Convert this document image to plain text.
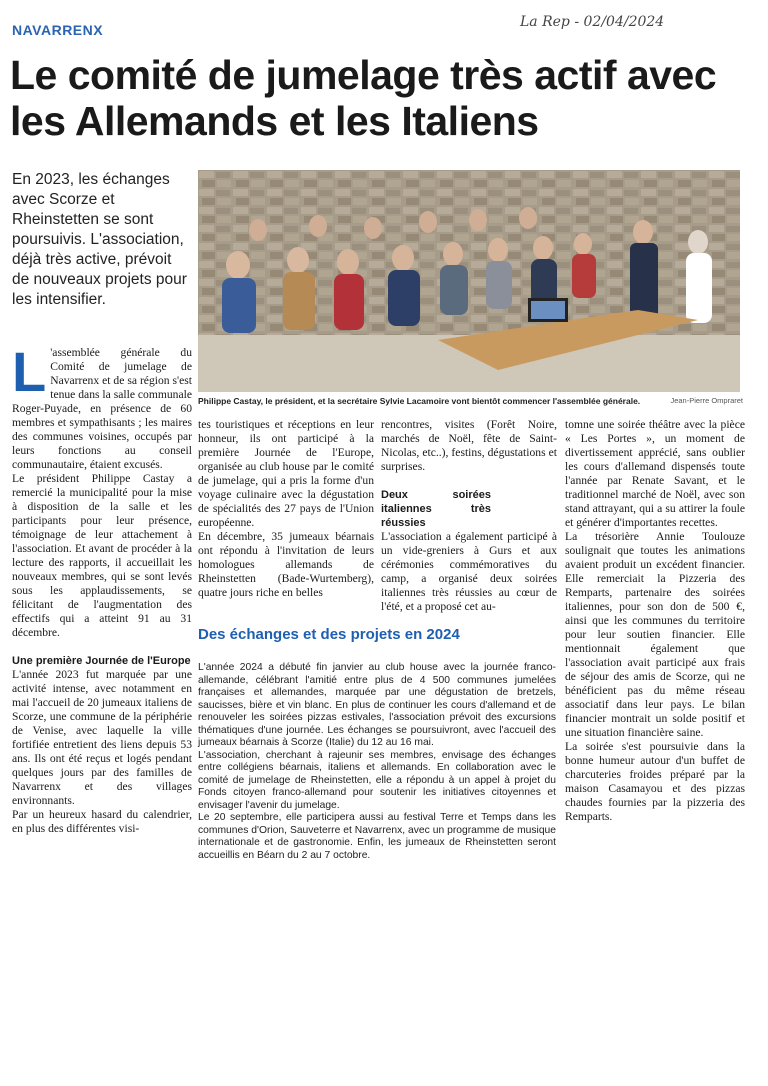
NAVARRENX	La Rep - 02/04/2024
Le comité de jumelage très actif avec les Allemands et les Italiens
En 2023, les échanges avec Scorze et Rheinstetten se sont poursuivis. L'association, déjà très active, prévoit de nouveaux projets pour les intensifier.
Philippe Castay, le président, et la secrétaire Sylvie Lacamoire vont bientôt commencer l'assemblée générale.	Jean-Pierre Ompraret
L 'assemblée générale du Comité de jumelage de Navarrenx et de sa région s'est tenue dans la salle communale Roger-Puyade, en présence de 60 membres et sympathisants ; les maires des communes voisines, occupés par leurs fonctions au conseil communautaire, étaient excusés.

Le président Philippe Castay a remercié la municipalité pour la mise à disposition de la salle et les participants pour leur présence, témoignage de leur attachement à l'association. Et avant de procéder à la lecture des rapports, il accueillait les nouveaux membres, qui se sont levés sous les applaudissements, se félicitant de l'augmentation des effectifs qui a atteint 91 au 31 décembre.

Une première Journée de l'Europe

L'année 2023 fut marquée par une activité intense, avec notamment en mai l'accueil de 20 jumeaux italiens de Scorze, une commune de la périphérie de Venise, avec laquelle la ville fortifiée entretient des liens depuis 53 ans. Ils ont été reçus et logés pendant quelques jours par des familles de Navarrenx et des villages environnants.

Par un heureux hasard du calendrier, en plus des différentes visi-

tes touristiques et réceptions en leur honneur, ils ont participé à la première Journée de l'Europe, organisée au club house par le comité de jumelage, qui a pris la forme d'un voyage culinaire avec la dégustation de spécialités des 27 pays de l'Union européenne.

En décembre, 35 jumeaux béarnais ont répondu à l'invitation de leurs homologues allemands de Rheinstetten (Bade-Wurtemberg), quatre jours riche en belles

rencontres, visites (Forêt Noire, marchés de Noël, fête de Saint-Nicolas, etc..), festins, dégustations et surprises.

Deux soirées italiennes très réussies

L'association a également participé à un vide-greniers à Gurs et aux cérémonies commémoratives du camp, a organisé deux soirées italiennes très réussies au cœur de l'été, et a proposé cet au-

tomne une soirée théâtre avec la pièce « Les Portes », un moment de divertissement apprécié, sans oublier les cours d'allemand dispensés toute l'année par Renate Savant, et le traditionnel marché de Noël, avec son stand attrayant, qui a su attirer la foule et générer d'importantes recettes.

La trésorière Annie Toulouze soulignait que toutes les animations avaient produit un excédent financier. Elle remerciait la Pizzeria des Remparts, partenaire des soirées italiennes, pour son don de 500 €, ainsi que les communes du territoire pour leur soutien financier. Elle mentionnait également que l'association avait participé aux frais de séjour des amis de Scorze, qui ne bénéficient pas du même réseau associatif dans leur pays. Le bilan financier montrait un solde positif et une situation financière saine.

La soirée s'est poursuivie dans la bonne humeur autour d'un buffet de charcuteries froides préparé par la maison Casamayou et des pizzas chaudes fournies par la pizzeria des Remparts.

Des échanges et des projets en 2024

L'année 2024 a débuté fin janvier au club house avec la journée franco-allemande, célébrant l'amitié entre plus de 4 500 communes jumelées françaises et allemandes, marquée par une dégustation de bretzels, saucisses, bière et vin blanc. En plus de continuer les cours d'allemand et de renouveler les soirées pizzas estivales, l'association prévoit des excursions thématiques d'une journée. Les échanges se poursuivront, avec l'accueil des jumeaux béarnais à Scorze (Italie) du 12 au 16 mai.

L'association, cherchant à rajeunir ses membres, envisage des échanges entre collégiens béarnais, italiens et allemands. En collaboration avec le comité de jumelage de Rheinstetten, elle a répondu à un appel à projet du Fonds citoyen franco-allemand pour soutenir les initiatives citoyennes et envisager l'avenir du jumelage.

Le 20 septembre, elle participera aussi au festival Terre et Temps dans les communes d'Orion, Sauveterre et Navarrenx, avec un programme de musique internationale et de gastronomie. Enfin, les jumeaux de Rheinstetten seront accueillis en Béarn du 2 au 7 octobre.
